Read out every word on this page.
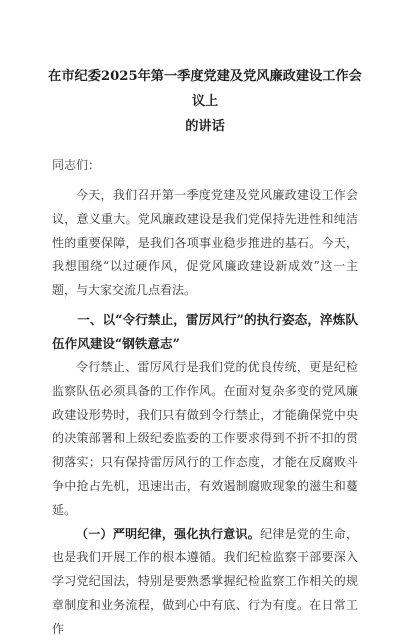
在市纪委2025年第一季度党建及党风廉政建设工作会议上
的讲话
同志们：

今天，我们召开第一季度党建及党风廉政建设工作会议，意义重大。党风廉政建设是我们党保持先进性和纯洁性的重要保障，是我们各项事业稳步推进的基石。今天，我想围绕“以过硬作风，促党风廉政建设新成效”这一主题，与大家交流几点看法。

一、以“令行禁止，雷厉风行”的执行姿态，淬炼队伍作风建设“钢铁意志”

令行禁止、雷厉风行是我们党的优良传统，更是纪检监察队伍必须具备的工作作风。在面对复杂多变的党风廉政建设形势时，我们只有做到令行禁止，才能确保党中央的决策部署和上级纪委监委的工作要求得到不折不扣的贯彻落实；只有保持雷厉风行的工作态度，才能在反腐败斗争中抢占先机，迅速出击，有效遏制腐败现象的滋生和蔓延。

（一）严明纪律，强化执行意识。纪律是党的生命，也是我们开展工作的根本遵循。我们纪检监察干部要深入学习党纪国法，特别是要熟悉掌握纪检监察工作相关的规章制度和业务流程，做到心中有底、行为有度。在日常工作
